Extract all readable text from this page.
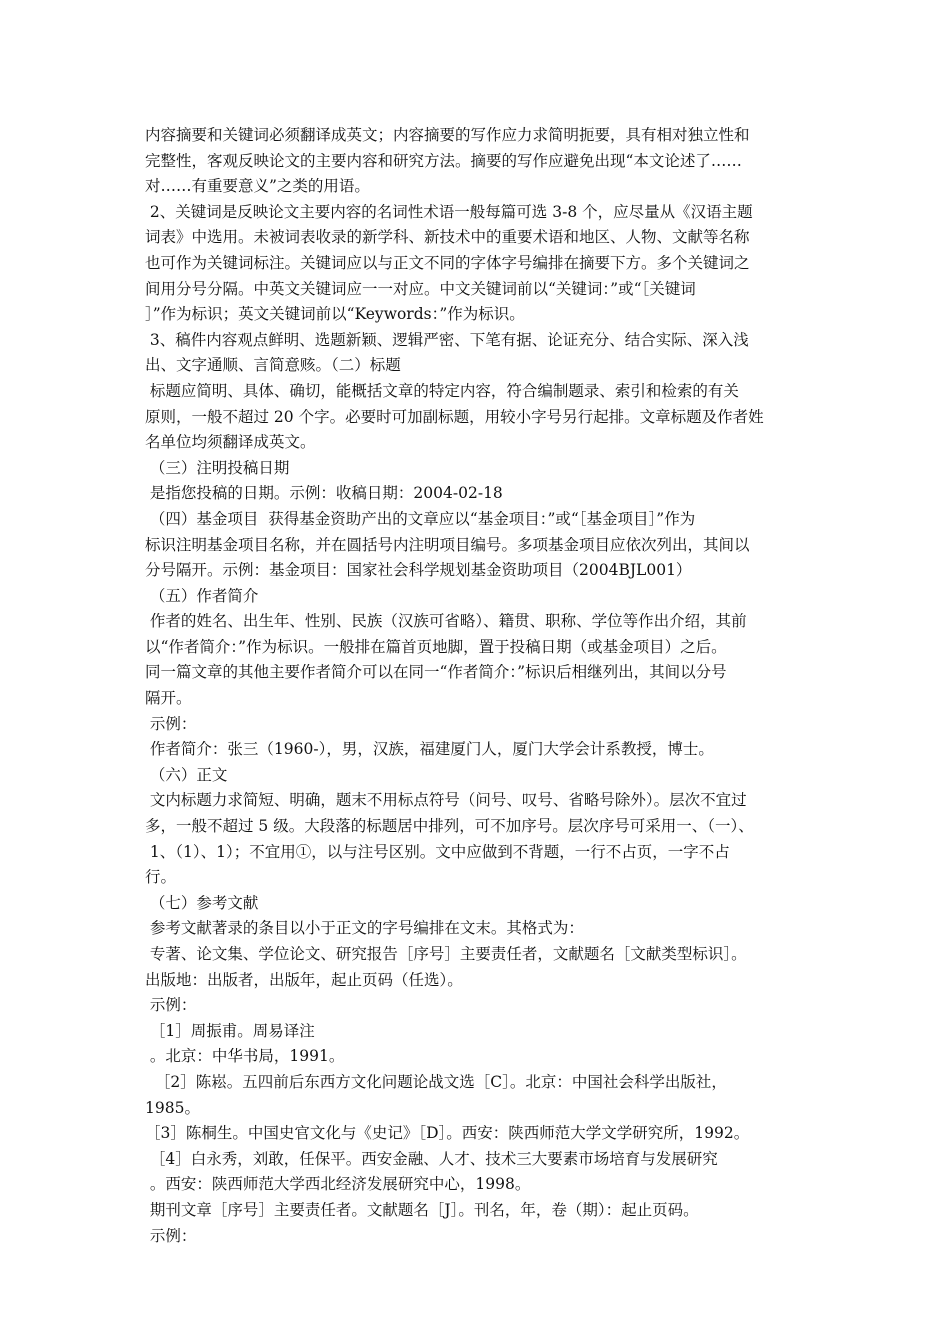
内容摘要和关键词必须翻译成英文；内容摘要的写作应力求简明扼要，具有相对独立性和
完整性，客观反映论文的主要内容和研究方法。摘要的写作应避免出现“本文论述了……
对……有重要意义”之类的用语。
2、关键词是反映论文主要内容的名词性术语一般每篇可选 3-8 个，应尽量从《汉语主题
词表》中选用。未被词表收录的新学科、新技术中的重要术语和地区、人物、文献等名称
也可作为关键词标注。关键词应以与正文不同的字体字号编排在摘要下方。多个关键词之
间用分号分隔。中英文关键词应一一对应。中文关键词前以“关键词：”或“［关键词
］”作为标识；英文关键词前以“Keywords：”作为标识。
3、稿件内容观点鲜明、选题新颖、逻辑严密、下笔有据、论证充分、结合实际、深入浅
出、文字通顺、言简意赅。（二）标题
标题应简明、具体、确切，能概括文章的特定内容，符合编制题录、索引和检索的有关
原则，一般不超过 20 个字。必要时可加副标题，用较小字号另行起排。文章标题及作者姓
名单位均须翻译成英文。
（三）注明投稿日期
是指您投稿的日期。示例：收稿日期：2004-02-18
（四）基金项目  获得基金资助产出的文章应以“基金项目：”或“［基金项目］”作为
标识注明基金项目名称，并在圆括号内注明项目编号。多项基金项目应依次列出，其间以
分号隔开。示例：基金项目：国家社会科学规划基金资助项目（2004BJL001）
（五）作者简介
作者的姓名、出生年、性别、民族（汉族可省略）、籍贯、职称、学位等作出介绍，其前
以“作者简介：”作为标识。一般排在篇首页地脚，置于投稿日期（或基金项目）之后。
同一篇文章的其他主要作者简介可以在同一“作者简介：”标识后相继列出，其间以分号
隔开。
示例：
作者简介：张三（1960-），男，汉族，福建厦门人，厦门大学会计系教授，博士。
（六）正文
文内标题力求简短、明确，题末不用标点符号（问号、叹号、省略号除外）。层次不宜过
多，一般不超过 5 级。大段落的标题居中排列，可不加序号。层次序号可采用一、（一）、
1、（1）、1）；不宜用①，以与注号区别。文中应做到不背题，一行不占页，一字不占
行。
（七）参考文献
参考文献著录的条目以小于正文的字号编排在文末。其格式为：
专著、论文集、学位论文、研究报告［序号］主要责任者，文献题名［文献类型标识］。
出版地：出版者，出版年，起止页码（任选）。
示例：
［1］周振甫。周易译注
。北京：中华书局，1991。
［2］陈崧。五四前后东西方文化问题论战文选［C］。北京：中国社会科学出版社，
1985。
［3］陈桐生。中国史官文化与《史记》［D］。西安：陕西师范大学文学研究所，1992。
［4］白永秀，刘敢，任保平。西安金融、人才、技术三大要素市场培育与发展研究
。西安：陕西师范大学西北经济发展研究中心，1998。
期刊文章［序号］主要责任者。文献题名［J］。刊名，年，卷（期）：起止页码。
示例：
